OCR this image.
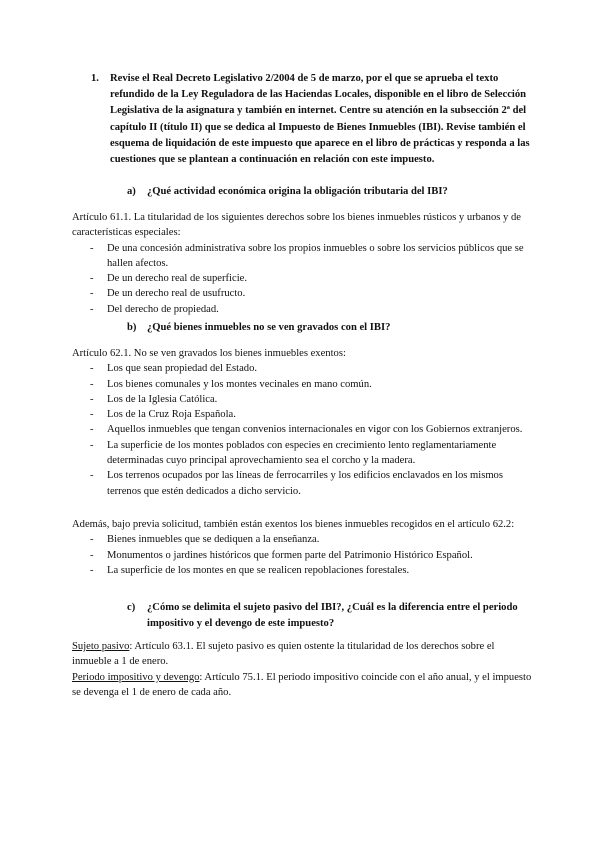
1. Revise el Real Decreto Legislativo 2/2004 de 5 de marzo, por el que se aprueba el texto refundido de la Ley Reguladora de las Haciendas Locales, disponible en el libro de Selección Legislativa de la asignatura y también en internet. Centre su atención en la subsección 2ª del capítulo II (título II) que se dedica al Impuesto de Bienes Inmuebles (IBI). Revise también el esquema de liquidación de este impuesto que aparece en el libro de prácticas y responda a las cuestiones que se plantean a continuación en relación con este impuesto.
a) ¿Qué actividad económica origina la obligación tributaria del IBI?
Artículo 61.1. La titularidad de los siguientes derechos sobre los bienes inmuebles rústicos y urbanos y de características especiales:
- De una concesión administrativa sobre los propios inmuebles o sobre los servicios públicos que se hallen afectos.
- De un derecho real de superficie.
- De un derecho real de usufructo.
- Del derecho de propiedad.
b) ¿Qué bienes inmuebles no se ven gravados con el IBI?
Artículo 62.1. No se ven gravados los bienes inmuebles exentos:
- Los que sean propiedad del Estado.
- Los bienes comunales y los montes vecinales en mano común.
- Los de la Iglesia Católica.
- Los de la Cruz Roja Española.
- Aquellos inmuebles que tengan convenios internacionales en vigor con los Gobiernos extranjeros.
- La superficie de los montes poblados con especies en crecimiento lento reglamentariamente determinadas cuyo principal aprovechamiento sea el corcho y la madera.
- Los terrenos ocupados por las líneas de ferrocarriles y los edificios enclavados en los mismos terrenos que estén dedicados a dicho servicio.
Además, bajo previa solicitud, también están exentos los bienes inmuebles recogidos en el artículo 62.2:
- Bienes inmuebles que se dediquen a la enseñanza.
- Monumentos o jardines históricos que formen parte del Patrimonio Histórico Español.
- La superficie de los montes en que se realicen repoblaciones forestales.
c) ¿Cómo se delimita el sujeto pasivo del IBI?, ¿Cuál es la diferencia entre el periodo impositivo y el devengo de este impuesto?
Sujeto pasivo: Artículo 63.1. El sujeto pasivo es quien ostente la titularidad de los derechos sobre el inmueble a 1 de enero.
Periodo impositivo y devengo: Artículo 75.1. El periodo impositivo coincide con el año anual, y el impuesto se devenga el 1 de enero de cada año.
